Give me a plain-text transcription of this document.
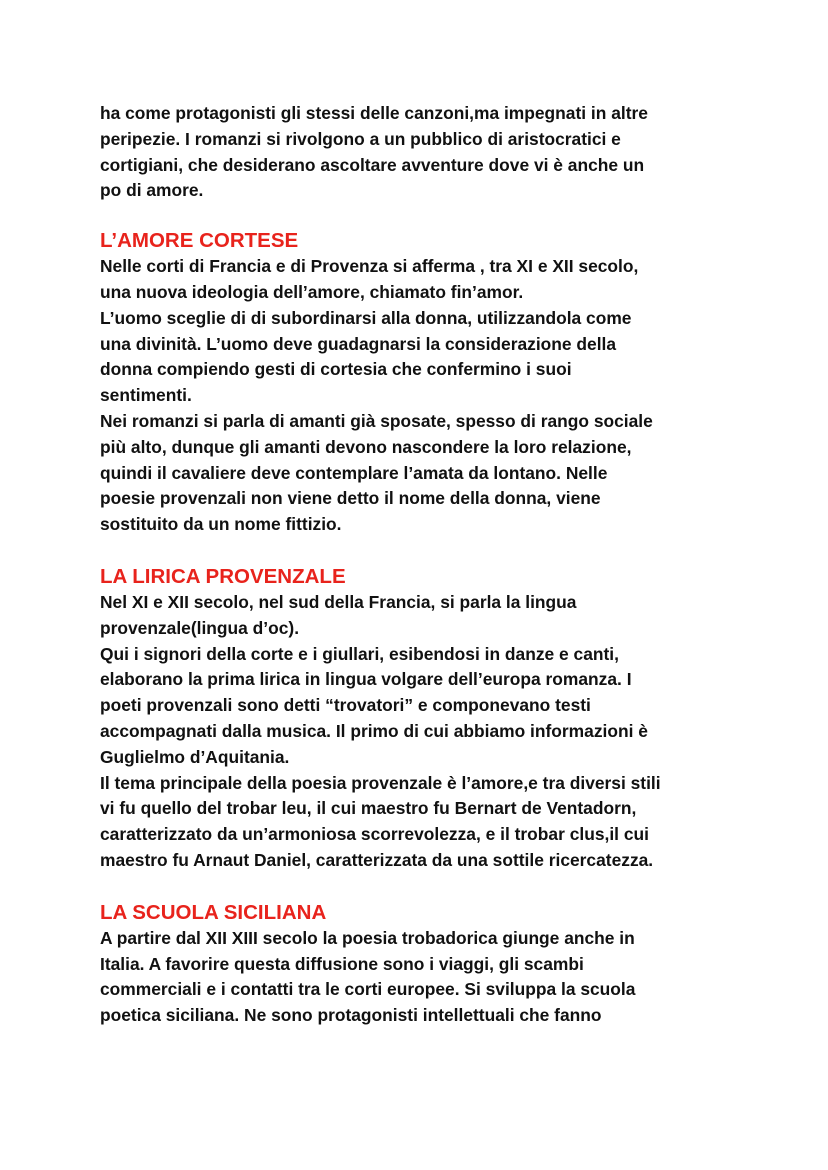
ha come protagonisti gli stessi delle canzoni,ma impegnati in altre
peripezie. I romanzi si rivolgono a un pubblico di aristocratici e
cortigiani, che desiderano ascoltare avventure dove vi è anche un
po di amore.

L’AMORE CORTESE

Nelle corti di Francia e di Provenza si afferma , tra XI e XII secolo,
una nuova ideologia dell’amore, chiamato fin’amor.
L’uomo sceglie di di subordinarsi alla donna, utilizzandola come
una divinità. L’uomo deve guadagnarsi la considerazione della
donna compiendo gesti di cortesia che confermino i suoi
sentimenti.
Nei romanzi si parla di amanti già sposate, spesso di rango sociale
più alto, dunque gli amanti devono nascondere la loro relazione,
quindi il cavaliere deve contemplare l’amata da lontano. Nelle
poesie provenzali non viene detto il nome della donna, viene
sostituito da un nome fittizio.

LA LIRICA PROVENZALE

Nel XI e XII secolo, nel sud della Francia, si parla la lingua
provenzale(lingua d’oc).
Qui i signori della corte e i giullari, esibendosi in danze e canti,
elaborano la prima lirica in lingua volgare dell’europa romanza. I
poeti provenzali sono detti “trovatori” e componevano testi
accompagnati dalla musica. Il primo di cui abbiamo informazioni è
Guglielmo d’Aquitania.
Il tema principale della poesia provenzale è l’amore,e tra diversi stili
vi fu quello del trobar leu, il cui maestro fu Bernart de Ventadorn,
caratterizzato da un’armoniosa scorrevolezza, e il trobar clus,il cui
maestro fu Arnaut Daniel, caratterizzata da una sottile ricercatezza.

LA SCUOLA SICILIANA

A partire dal XII XIII secolo la poesia trobadorica giunge anche in
Italia. A favorire questa diffusione sono i viaggi, gli scambi
commerciali e i contatti tra le corti europee. Si sviluppa la scuola
poetica siciliana. Ne sono protagonisti intellettuali che fanno
